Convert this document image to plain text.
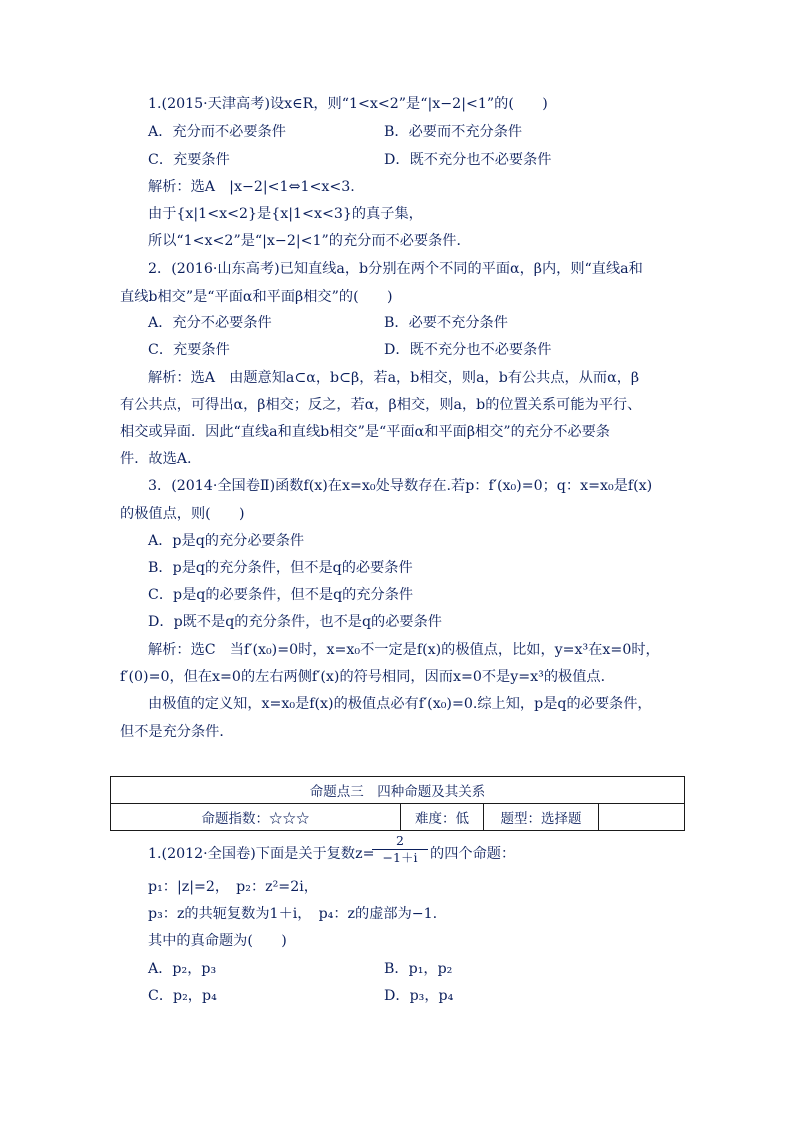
1.(2015·天津高考)设x∈R，则“1<x<2”是“|x−2|<1”的(　　)
A．充分而不必要条件	B．必要而不充分条件
C．充要条件	D．既不充分也不必要条件
解析：选A　|x−2|<1⇔1<x<3.
由于{x|1<x<2}是{x|1<x<3}的真子集，
所以“1<x<2”是“|x−2|<1”的充分而不必要条件．
2．(2016·山东高考)已知直线a，b分别在两个不同的平面α，β内，则“直线a和
直线b相交”是“平面α和平面β相交”的(　　)
A．充分不必要条件	B．必要不充分条件
C．充要条件	D．既不充分也不必要条件
解析：选A　由题意知a⊂α，b⊂β，若a，b相交，则a，b有公共点，从而α，β
有公共点，可得出α，β相交；反之，若α，β相交，则a，b的位置关系可能为平行、
相交或异面．因此“直线a和直线b相交”是“平面α和平面β相交”的充分不必要条
件．故选A.
3．(2014·全国卷Ⅱ)函数f(x)在x=x₀处导数存在.若p：f′(x₀)=0；q：x=x₀是f(x)
的极值点，则(　　)
A．p是q的充分必要条件
B．p是q的充分条件，但不是q的必要条件
C．p是q的必要条件，但不是q的充分条件
D．p既不是q的充分条件，也不是q的必要条件
解析：选C　当f′(x₀)=0时，x=x₀不一定是f(x)的极值点，比如，y=x³在x=0时，
f′(0)=0，但在x=0的左右两侧f′(x)的符号相同，因而x=0不是y=x³的极值点．
由极值的定义知，x=x₀是f(x)的极值点必有f′(x₀)=0.综上知，p是q的必要条件，
但不是充分条件．
命题点三　四种命题及其关系
命题指数：☆☆☆	难度：低	题型：选择题	
1.(2012·全国卷)下面是关于复数z=
2
−1＋i 的四个命题：
p₁：|z|=2，　p₂：z²=2i，
p₃：z的共轭复数为1＋i，　p₄：z的虚部为−1.
其中的真命题为(　　)
A．p₂，p₃	B．p₁，p₂
C．p₂，p₄	D．p₃，p₄
